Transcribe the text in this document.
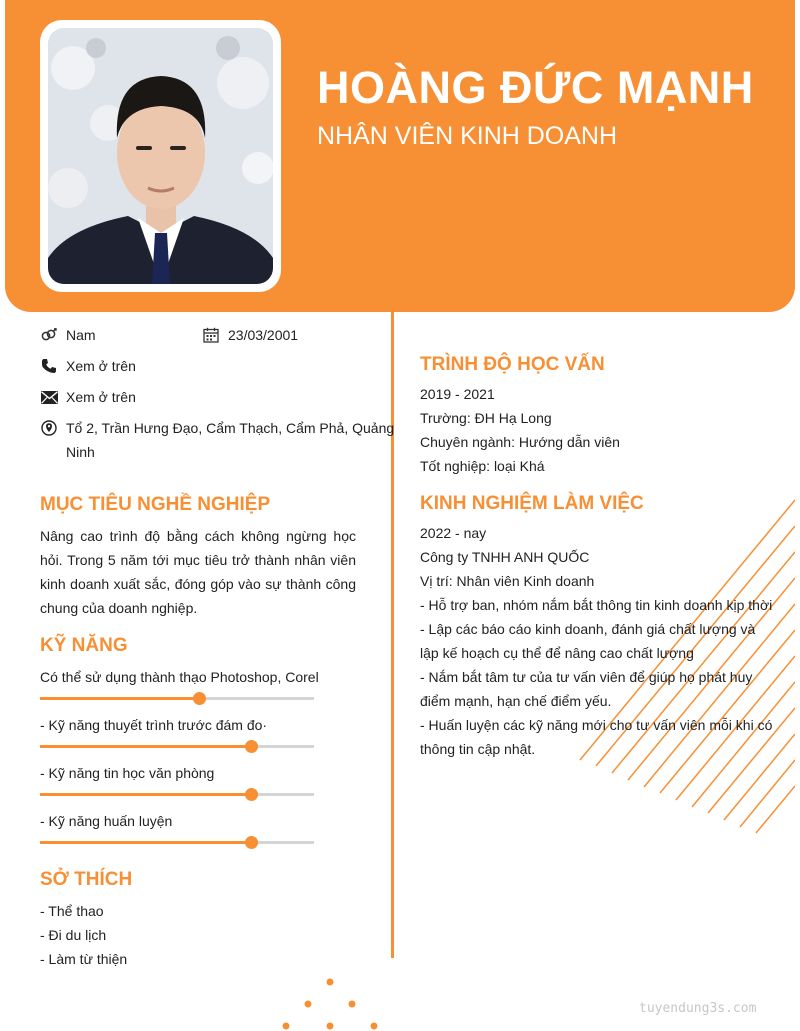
HOÀNG ĐỨC MẠNH
NHÂN VIÊN KINH DOANH
Nam	23/03/2001
Xem ở trên
Xem ở trên
Tổ 2, Trần Hưng Đạo, Cẩm Thạch, Cẩm Phả, Quảng
Ninh
MỤC TIÊU NGHỀ NGHIỆP
Nâng cao trình độ bằng cách không ngừng học
hỏi. Trong 5 năm tới mục tiêu trở thành nhân viên
kinh doanh xuất sắc, đóng góp vào sự thành công
chung của doanh nghiệp.
KỸ NĂNG
Có thể sử dụng thành thạo Photoshop, Corel
- Kỹ năng thuyết trình trước đám đo·
- Kỹ năng tin học văn phòng
- Kỹ năng huấn luyện
SỞ THÍCH
- Thể thao
- Đi du lịch
- Làm từ thiện
TRÌNH ĐỘ HỌC VẤN
2019 - 2021
Trường: ĐH Hạ Long
Chuyên ngành: Hướng dẫn viên
Tốt nghiệp: loại Khá
KINH NGHIỆM LÀM VIỆC
2022 - nay
Công ty TNHH ANH QUỐC
Vị trí: Nhân viên Kinh doanh
- Hỗ trợ ban, nhóm nắm bắt thông tin kinh doanh kịp thời
- Lập các báo cáo kinh doanh, đánh giá chất lượng và
lập kế hoạch cụ thể để nâng cao chất lượng
- Nắm bắt tâm tư của tư vấn viên để giúp họ phát huy
điểm mạnh, hạn chế điểm yếu.
- Huấn luyện các kỹ năng mới cho tư vấn viên mỗi khi có
thông tin cập nhật.
tuyendung3s.com
